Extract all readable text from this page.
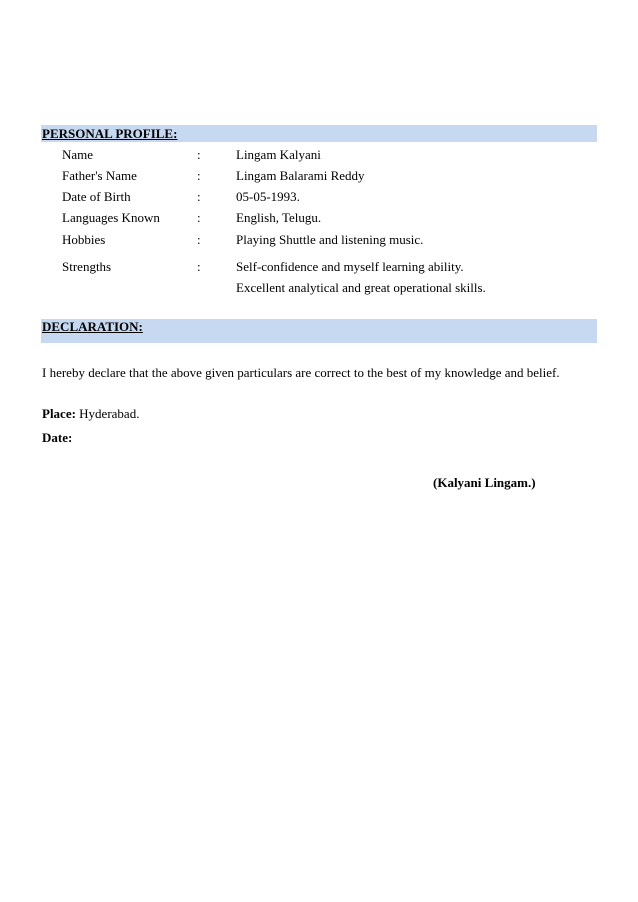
PERSONAL PROFILE:
Name	:	Lingam Kalyani
Father's Name	:	Lingam Balarami Reddy
Date of Birth	:	05-05-1993.
Languages Known	:	English, Telugu.
Hobbies	:	Playing Shuttle and listening music.
Strengths	:	Self-confidence and myself learning ability.
Excellent analytical and great operational skills.
DECLARATION:
I hereby declare that the above given particulars are correct to the best of my knowledge and belief.
Place: Hyderabad.
Date:
(Kalyani Lingam.)
